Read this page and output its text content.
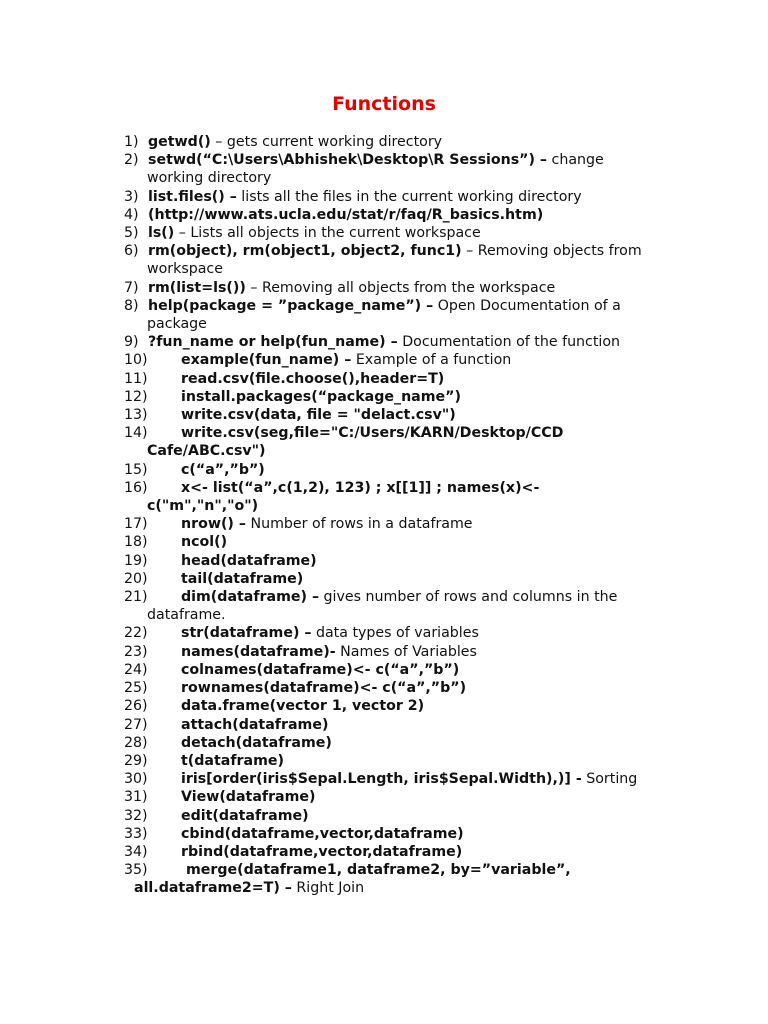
Functions
1) getwd() – gets current working directory
2) setwd(“C:\Users\Abhishek\Desktop\R Sessions”) – change
working directory
3) list.files() – lists all the files in the current working directory
4) (http://www.ats.ucla.edu/stat/r/faq/R_basics.htm)
5) ls() – Lists all objects in the current workspace
6) rm(object), rm(object1, object2, func1) – Removing objects from
workspace
7) rm(list=ls()) – Removing all objects from the workspace
8) help(package = ”package_name”) – Open Documentation of a
package
9) ?fun_name or help(fun_name) – Documentation of the function
10) example(fun_name) – Example of a function
11) read.csv(file.choose(),header=T)
12) install.packages(“package_name”)
13) write.csv(data, file = "delact.csv")
14) write.csv(seg,file="C:/Users/KARN/Desktop/CCD
Cafe/ABC.csv")
15) c(“a”,”b”)
16) x<- list(“a”,c(1,2), 123) ; x[[1]] ; names(x)<-
c("m","n","o")
17) nrow() – Number of rows in a dataframe
18) ncol()
19) head(dataframe)
20) tail(dataframe)
21) dim(dataframe) – gives number of rows and columns in the
dataframe.
22) str(dataframe) – data types of variables
23) names(dataframe)- Names of Variables
24) colnames(dataframe)<- c(“a”,”b”)
25) rownames(dataframe)<- c(“a”,”b”)
26) data.frame(vector 1, vector 2)
27) attach(dataframe)
28) detach(dataframe)
29) t(dataframe)
30) iris[order(iris$Sepal.Length, iris$Sepal.Width),)] - Sorting
31) View(dataframe)
32) edit(dataframe)
33) cbind(dataframe,vector,dataframe)
34) rbind(dataframe,vector,dataframe)
35) merge(dataframe1, dataframe2, by=”variable”,
all.dataframe2=T) – Right Join
